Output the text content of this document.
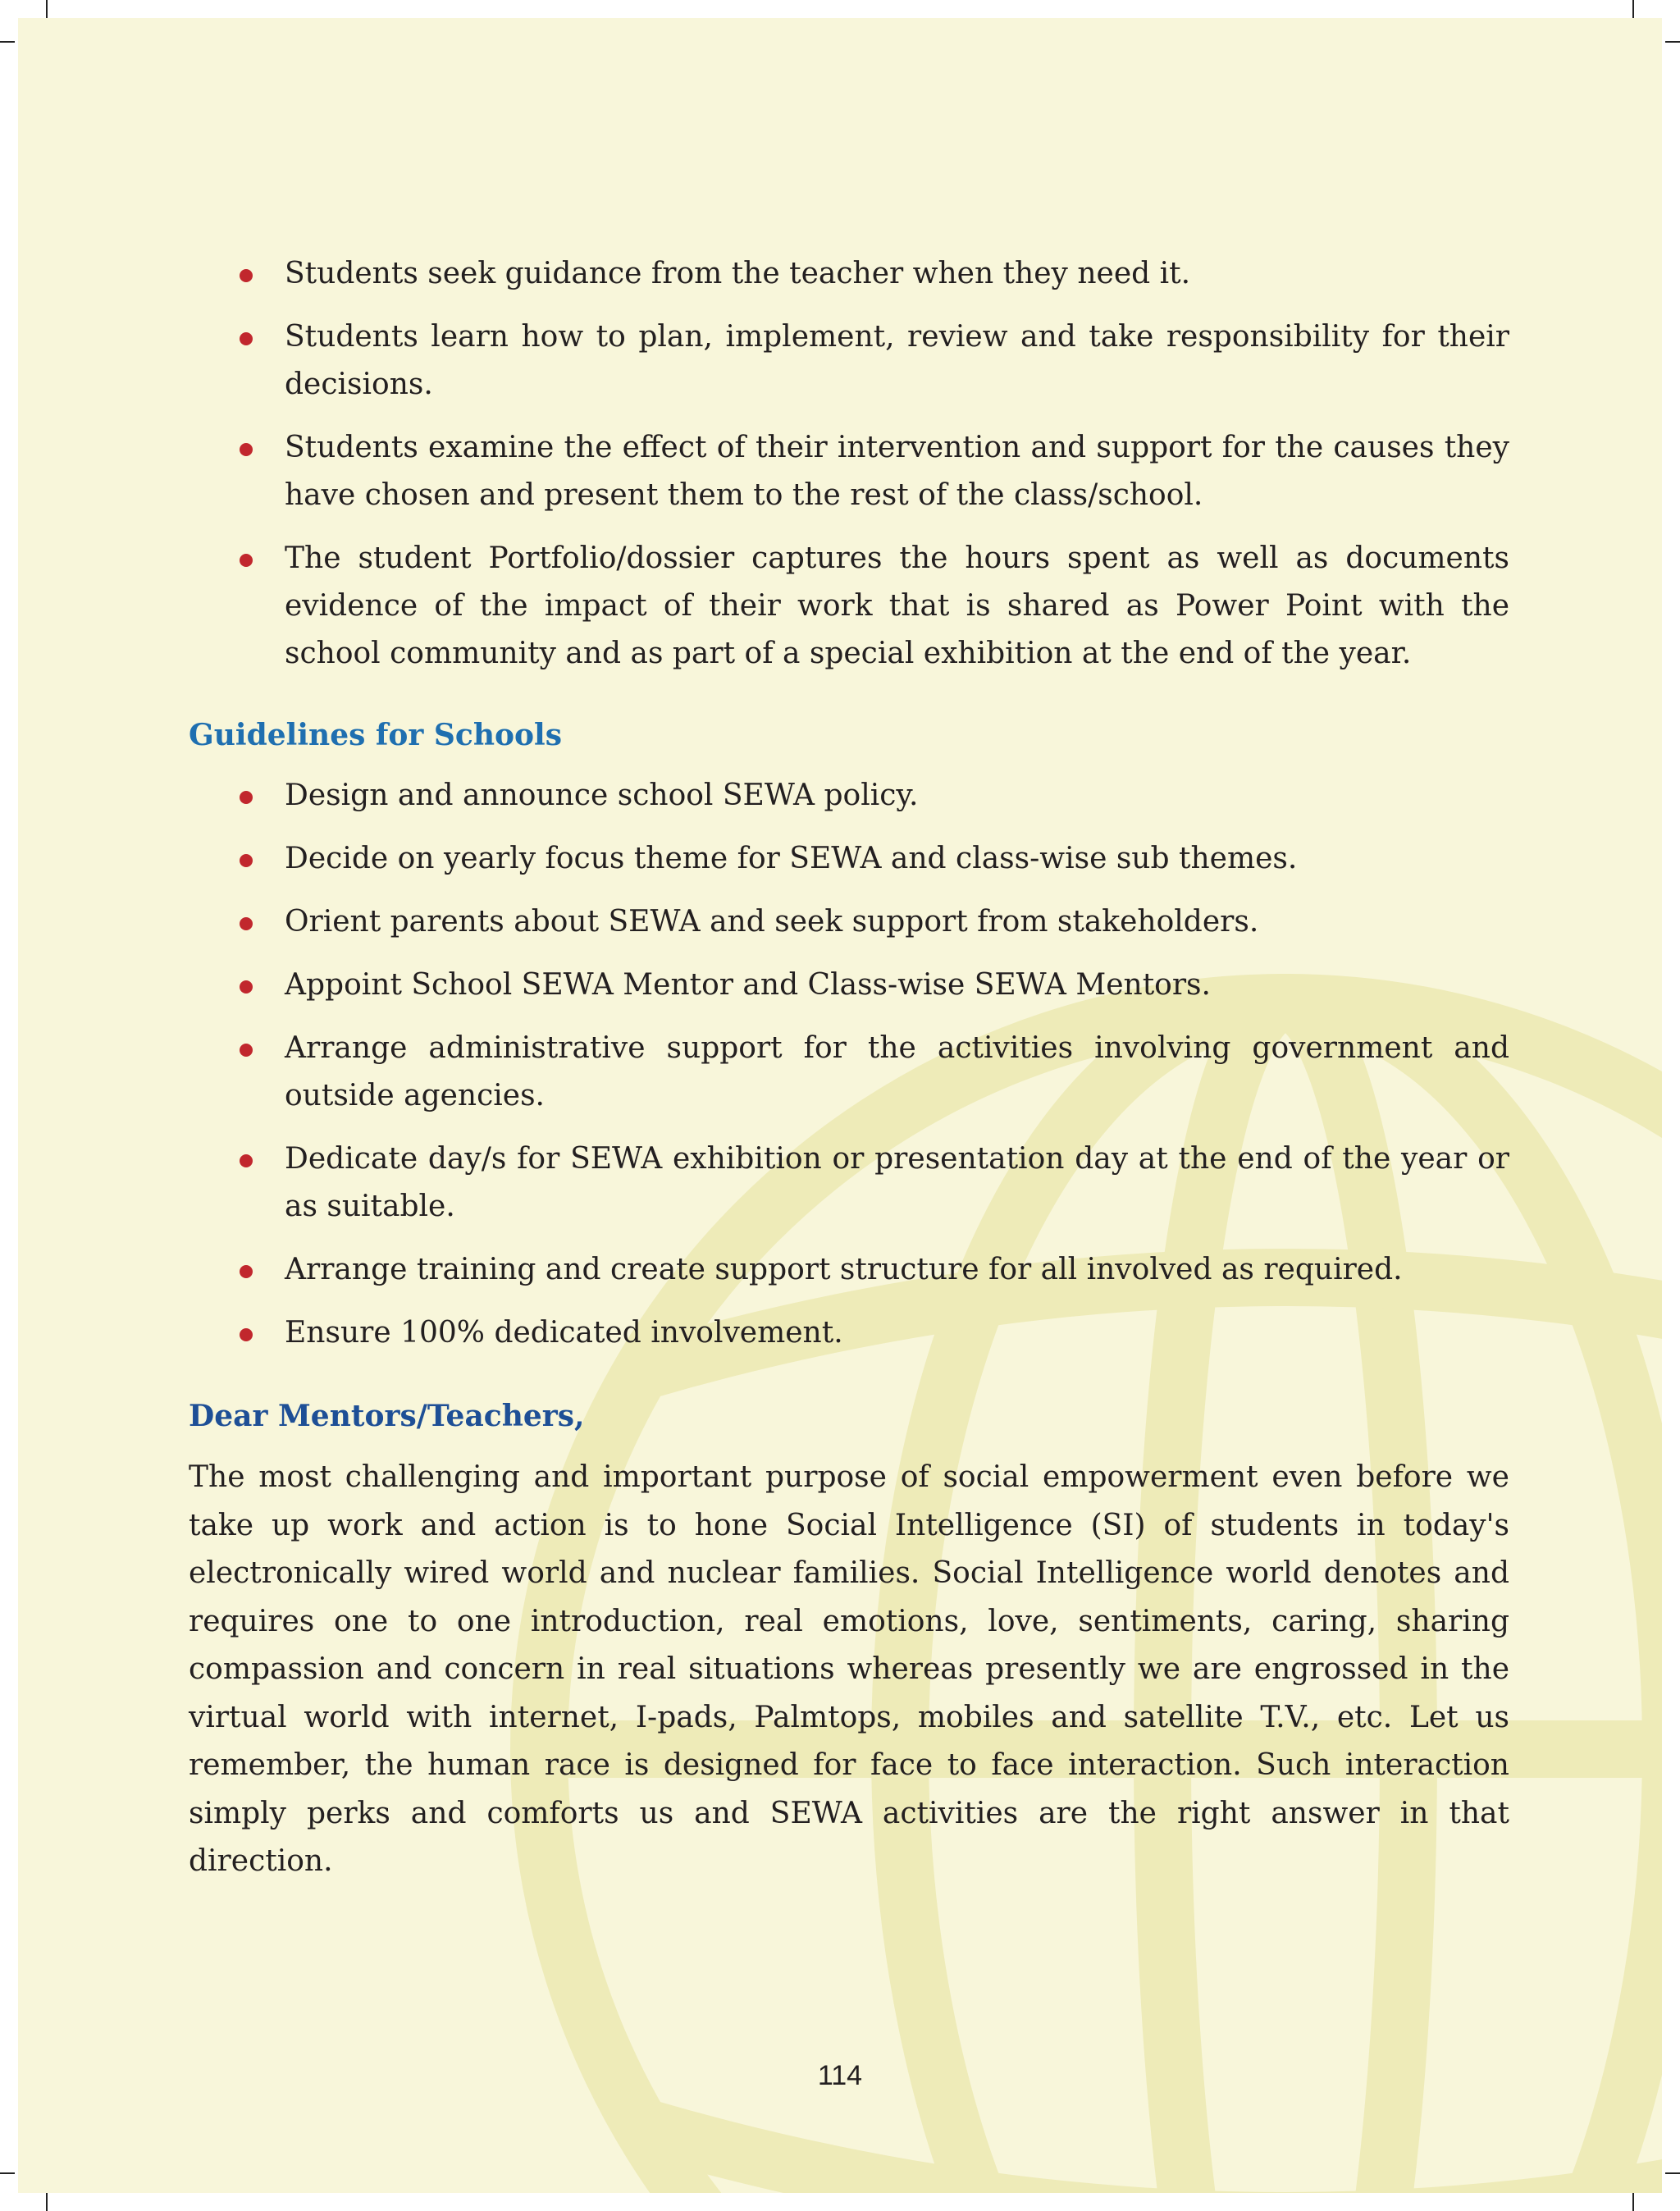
Students seek guidance from the teacher when they need it.
Students learn how to plan, implement, review and take responsibility for their decisions.
Students examine the effect of their intervention and support for the causes they have chosen and present them to the rest of the class/school.
The student Portfolio/dossier captures the hours spent as well as documents evidence of the impact of their work that is shared as Power Point with the school community and as part of a special exhibition at the end of the year.
Guidelines for Schools
Design and announce school SEWA policy.
Decide on yearly focus theme for SEWA and class-wise sub themes.
Orient parents about SEWA and seek support from stakeholders.
Appoint School SEWA Mentor and Class-wise SEWA Mentors.
Arrange administrative support for the activities involving government and outside agencies.
Dedicate day/s for SEWA exhibition or presentation day at the end of the year or as suitable.
Arrange training and create support structure for all involved as required.
Ensure 100% dedicated involvement.
Dear Mentors/Teachers,

The most challenging and important purpose of social empowerment even before we take up work and action is to hone Social Intelligence (SI) of students in today's electronically wired world and nuclear families. Social Intelligence world denotes and requires one to one introduction, real emotions, love, sentiments, caring, sharing compassion and concern in real situations whereas presently we are engrossed in the virtual world with internet, I-pads, Palmtops, mobiles and satellite T.V., etc. Let us remember, the human race is designed for face to face interaction. Such interaction simply perks and comforts us and SEWA activities are the right answer in that direction.

114
